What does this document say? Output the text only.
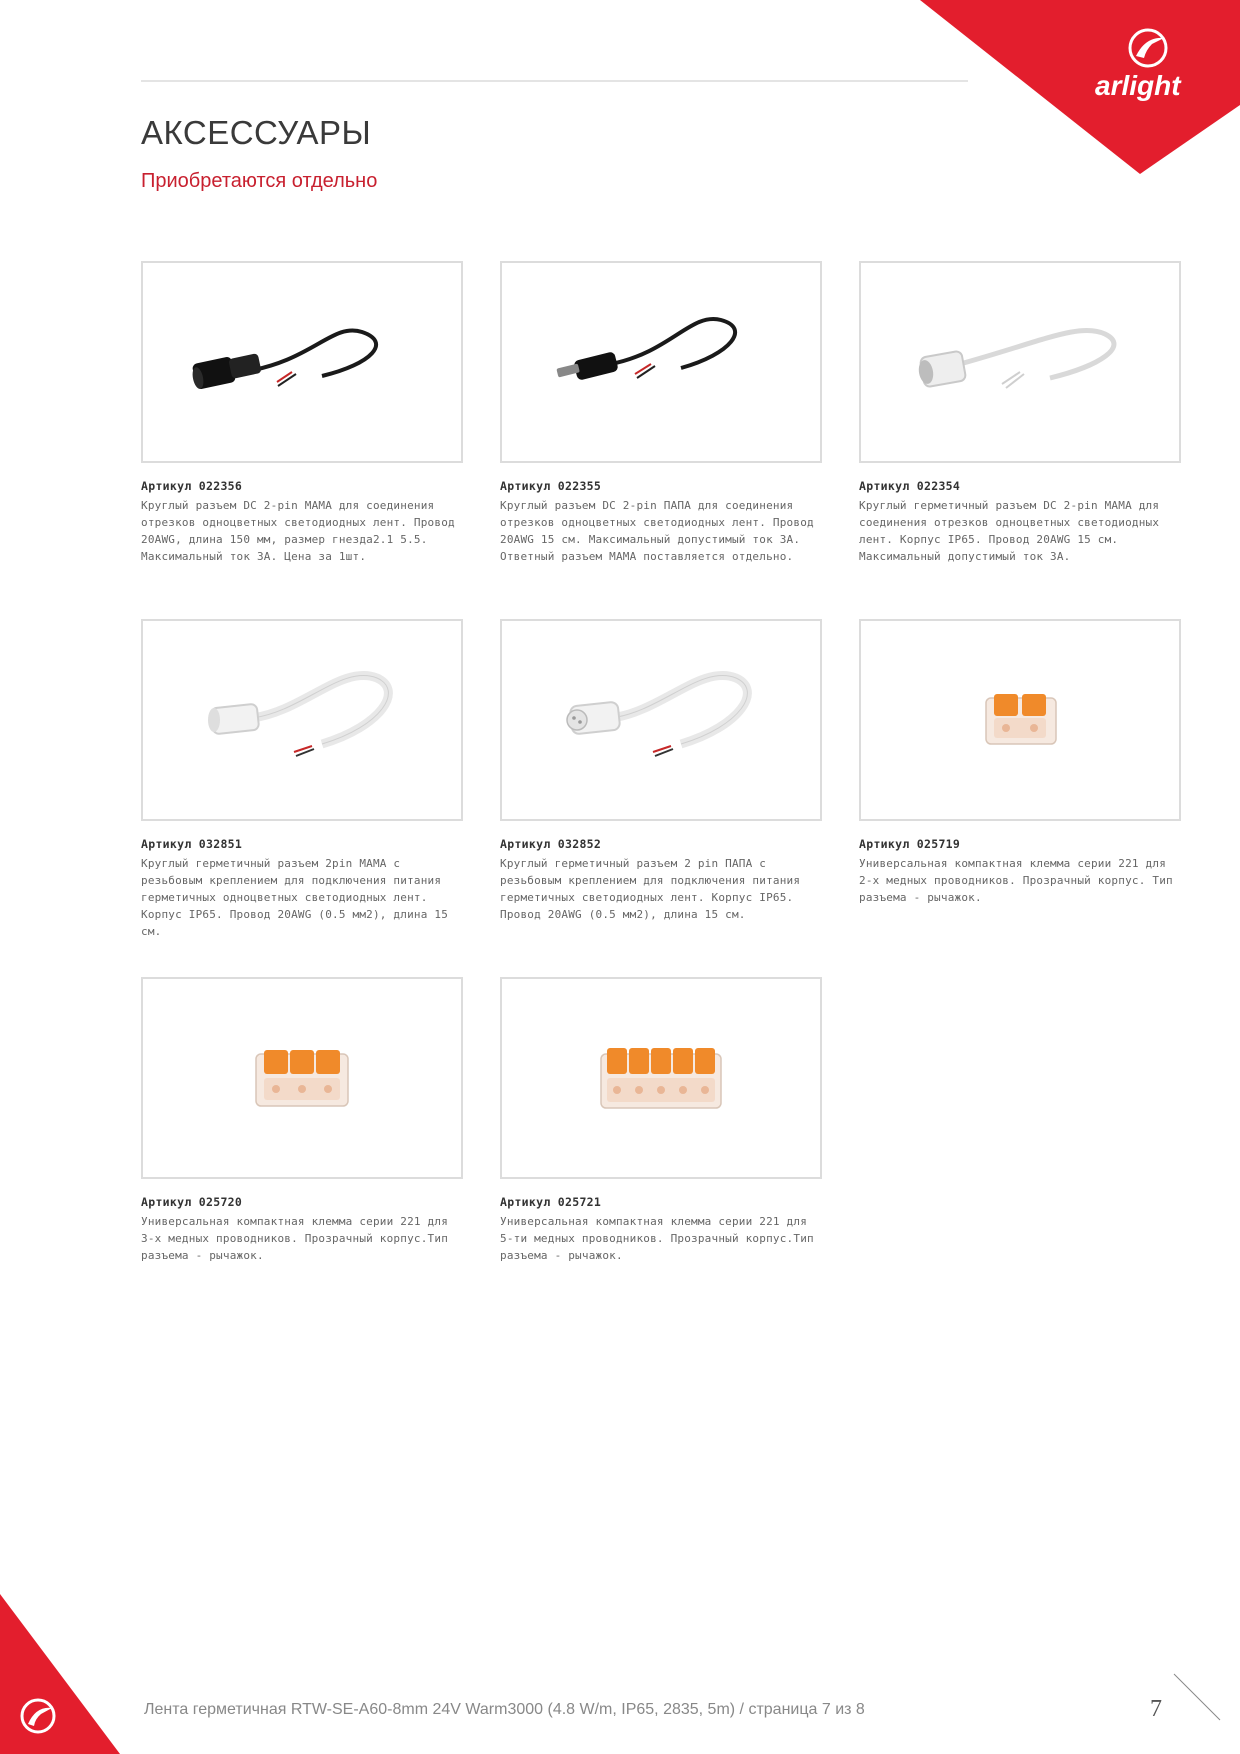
arlight
АКСЕССУАРЫ
Приобретаются отдельно
Артикул 022356
Круглый разъем DC 2-pin МАМА для соединения отрезков одноцветных светодиодных лент. Провод 20AWG, длина 150 мм, размер гнезда2.1 5.5. Максимальный ток 3А. Цена за 1шт.
Артикул 022355
Круглый разъем DC 2-pin ПАПА для соединения отрезков одноцветных светодиодных лент. Провод 20AWG 15 см. Максимальный допустимый ток 3А. Ответный разъем МАМА поставляется отдельно.
Артикул 022354
Круглый герметичный разъем DC 2-pin МАМА для соединения отрезков одноцветных светодиодных лент. Корпус IP65. Провод 20AWG 15 см. Максимальный допустимый ток 3А.
Артикул 032851
Круглый герметичный разъем 2pin МАМА с резьбовым креплением для подключения питания герметичных одноцветных светодиодных лент. Корпус IP65. Провод 20AWG (0.5 мм2), длина 15 см.
Артикул 032852
Круглый герметичный разъем 2 pin ПАПА с резьбовым креплением для подключения питания герметичных светодиодных лент. Корпус IP65. Провод 20AWG (0.5 мм2), длина 15 см.
Артикул 025719
Универсальная компактная клемма серии 221 для 2-х медных проводников. Прозрачный корпус. Тип разъема - рычажок.
Артикул 025720
Универсальная компактная клемма серии 221 для 3-х медных проводников. Прозрачный корпус.Тип разъема - рычажок.
Артикул 025721
Универсальная компактная клемма серии 221 для 5-ти медных проводников. Прозрачный корпус.Тип разъема - рычажок.
Лента герметичная RTW-SE-A60-8mm 24V Warm3000 (4.8 W/m, IP65, 2835, 5m) / страница 7 из 8	7
